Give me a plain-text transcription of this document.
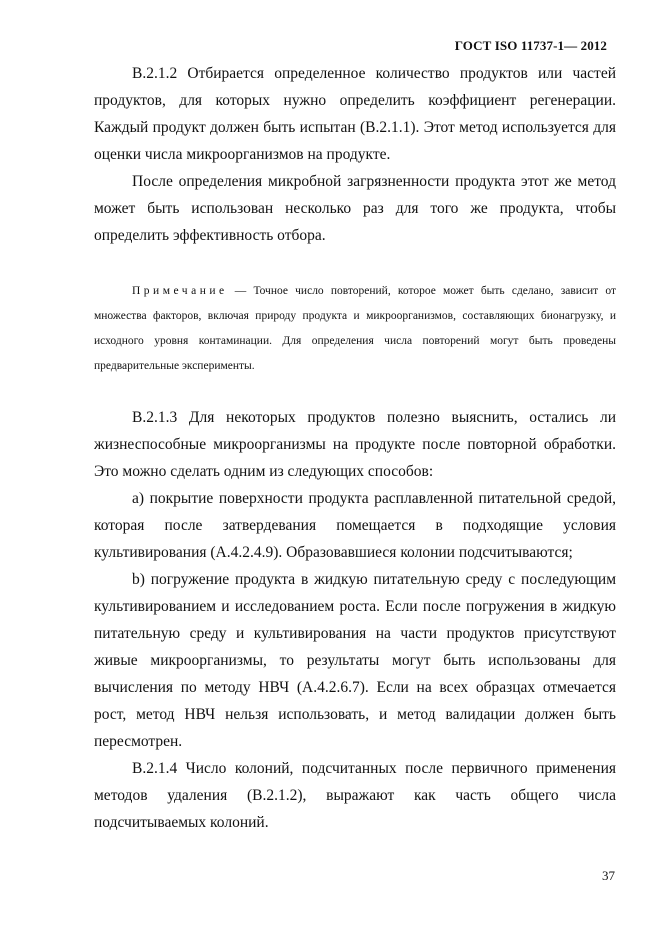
ГОСТ ISO 11737-1— 2012

В.2.1.2 Отбирается определенное количество продуктов или частей продуктов, для которых нужно определить коэффициент регенерации. Каждый продукт должен быть испытан (В.2.1.1). Этот метод используется для оценки числа микроорганизмов на продукте.

После определения микробной загрязненности продукта этот же метод может быть использован несколько раз для того же продукта, чтобы определить эффективность отбора.

Примечание — Точное число повторений, которое может быть сделано, зависит от множества факторов, включая природу продукта и микроорганизмов, составляющих бионагрузку, и исходного уровня контаминации. Для определения числа повторений могут быть проведены предварительные эксперименты.

В.2.1.3 Для некоторых продуктов полезно выяснить, остались ли жизнеспособные микроорганизмы на продукте после повторной обработки. Это можно сделать одним из следующих способов:

а) покрытие поверхности продукта расплавленной питательной средой, которая после затвердевания помещается в подходящие условия культивирования (А.4.2.4.9). Образовавшиеся колонии подсчитываются;

b) погружение продукта в жидкую питательную среду с последующим культивированием и исследованием роста. Если после погружения в жидкую питательную среду и культивирования на части продуктов присутствуют живые микроорганизмы, то результаты могут быть использованы для вычисления по методу НВЧ (А.4.2.6.7). Если на всех образцах отмечается рост, метод НВЧ нельзя использовать, и метод валидации должен быть пересмотрен.

В.2.1.4 Число колоний, подсчитанных после первичного применения методов удаления (В.2.1.2), выражают как часть общего числа подсчитываемых колоний.

37
